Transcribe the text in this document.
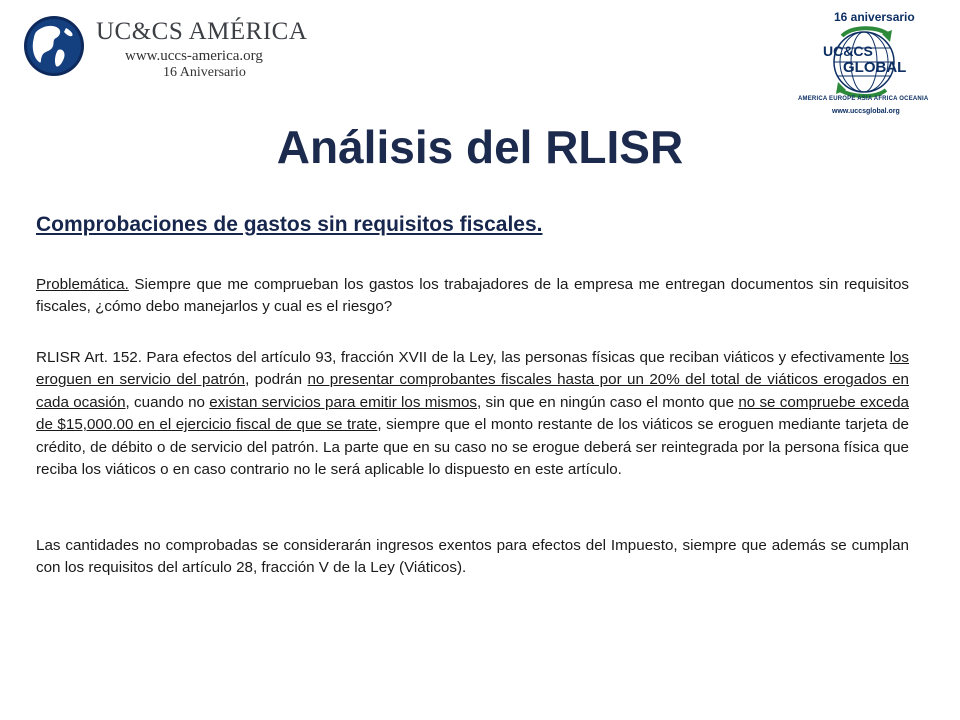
UC&CS AMÉRICA
www.uccs-america.org
16 Aniversario
16 aniversario
UC&CS
GLOBAL
AMERICA EUROPE ASIA AFRICA OCEANIA
www.uccsglobal.org
Análisis del RLISR
Comprobaciones de gastos sin requisitos fiscales.

Problemática. Siempre que me comprueban los gastos los trabajadores de la empresa me entregan documentos sin requisitos fiscales, ¿cómo debo manejarlos y cual es el riesgo?

RLISR Art. 152. Para efectos del artículo 93, fracción XVII de la Ley, las personas físicas que reciban viáticos y efectivamente los eroguen en servicio del patrón, podrán no presentar comprobantes fiscales hasta por un 20% del total de viáticos erogados en cada ocasión, cuando no existan servicios para emitir los mismos, sin que en ningún caso el monto que no se compruebe exceda de $15,000.00 en el ejercicio fiscal de que se trate, siempre que el monto restante de los viáticos se eroguen mediante tarjeta de crédito, de débito o de servicio del patrón. La parte que en su caso no se erogue deberá ser reintegrada por la persona física que reciba los viáticos o en caso contrario no le será aplicable lo dispuesto en este artículo.

Las cantidades no comprobadas se considerarán ingresos exentos para efectos del Impuesto, siempre que además se cumplan con los requisitos del artículo 28, fracción V de la Ley (Viáticos).
